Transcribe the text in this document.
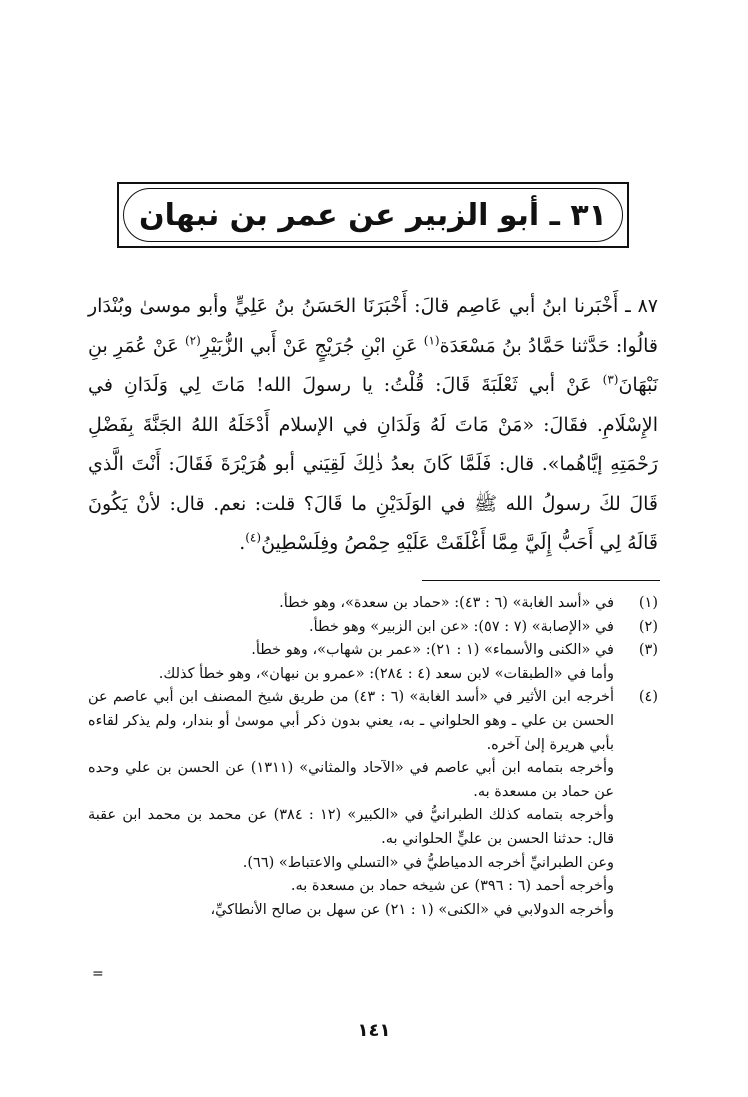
٣١ ـ أبو الزبير عن عمر بن نبهان

٨٧ ـ أَخْبَرنا ابنُ أبي عَاصِم قالَ: أَخْبَرَنَا الحَسَنُ بنُ عَلِيٍّ وأبو موسىٰ وبُنْدَار قالُوا: حَدَّثنا حَمَّادُ بنُ مَسْعَدَة$^{(١)}$ عَنِ ابْنِ جُرَيْجٍ عَنْ أَبي الزُّبَيْرِ$^{(٢)}$ عَنْ عُمَرِ بنِ نَبْهَانَ$^{(٣)}$ عَنْ أبي ثَعْلَبَةَ قَالَ: قُلْتُ: يا رسولَ الله! مَاتَ لِي وَلَدَانِ في الإِسْلَامِ. فقَالَ: «مَنْ مَاتَ لَهُ وَلَدَانِ في الإسلام أَدْخَلَهُ اللهُ الجَنَّةَ بِفَضْلِ رَحْمَتِهِ إيَّاهُما». قال: فَلَمَّا كَانَ بعدُ ذٰلِكَ لَقِيَني أبو هُرَيْرَةَ فَقَالَ: أَنْتَ الَّذي قَالَ لكَ رسولُ الله ﷺ في الوَلَدَيْنِ ما قَالَ؟ قلت: نعم. قال: لأنْ يَكُونَ قَالَهُ لِي أَحَبُّ إِلَيَّ مِمَّا أَغْلَقَتْ عَلَيْهِ حِمْصُ وفِلَسْطِينُ$^{(٤)}$.

(١)

في «أسد الغابة» (٦ : ٤٣): «حماد بن سعدة»، وهو خطأ.

(٢)

في «الإصابة» (٧ : ٥٧): «عن ابن الزبير» وهو خطأ.

(٣)

في «الكنى والأسماء» (١ : ٢١): «عمر بن شهاب»، وهو خطأ.

وأما في «الطبقات» لابن سعد (٤ : ٢٨٤): «عمرو بن نبهان»، وهو خطأ كذلك.

(٤)

أخرجه ابن الأثير في «أسد الغابة» (٦ : ٤٣) من طريق شيخ المصنف ابن أبي عاصم عن الحسن بن علي ـ وهو الحلواني ـ به، يعني بدون ذكر أبي موسىٰ أو بندار، ولم يذكر لقاءه بأبي هريرة إلىٰ آخره.

وأخرجه بتمامه ابن أبي عاصم في «الآحاد والمثاني» (١٣١١) عن الحسن بن علي وحده عن حماد بن مسعدة به.

وأخرجه بتمامه كذلك الطبرانيُّ في «الكبير» (١٢ : ٣٨٤) عن محمد بن محمد ابن عقبة قال: حدثنا الحسن بن عليٍّ الحلواني به.

وعن الطبرانيِّ أخرجه الدمياطيُّ في «التسلي والاعتباط» (٦٦).

وأخرجه أحمد (٦ : ٣٩٦) عن شيخه حماد بن مسعدة به.

وأخرجه الدولابي في «الكنى» (١ : ٢١) عن سهل بن صالح الأنطاكيِّ،

=
١٤١
